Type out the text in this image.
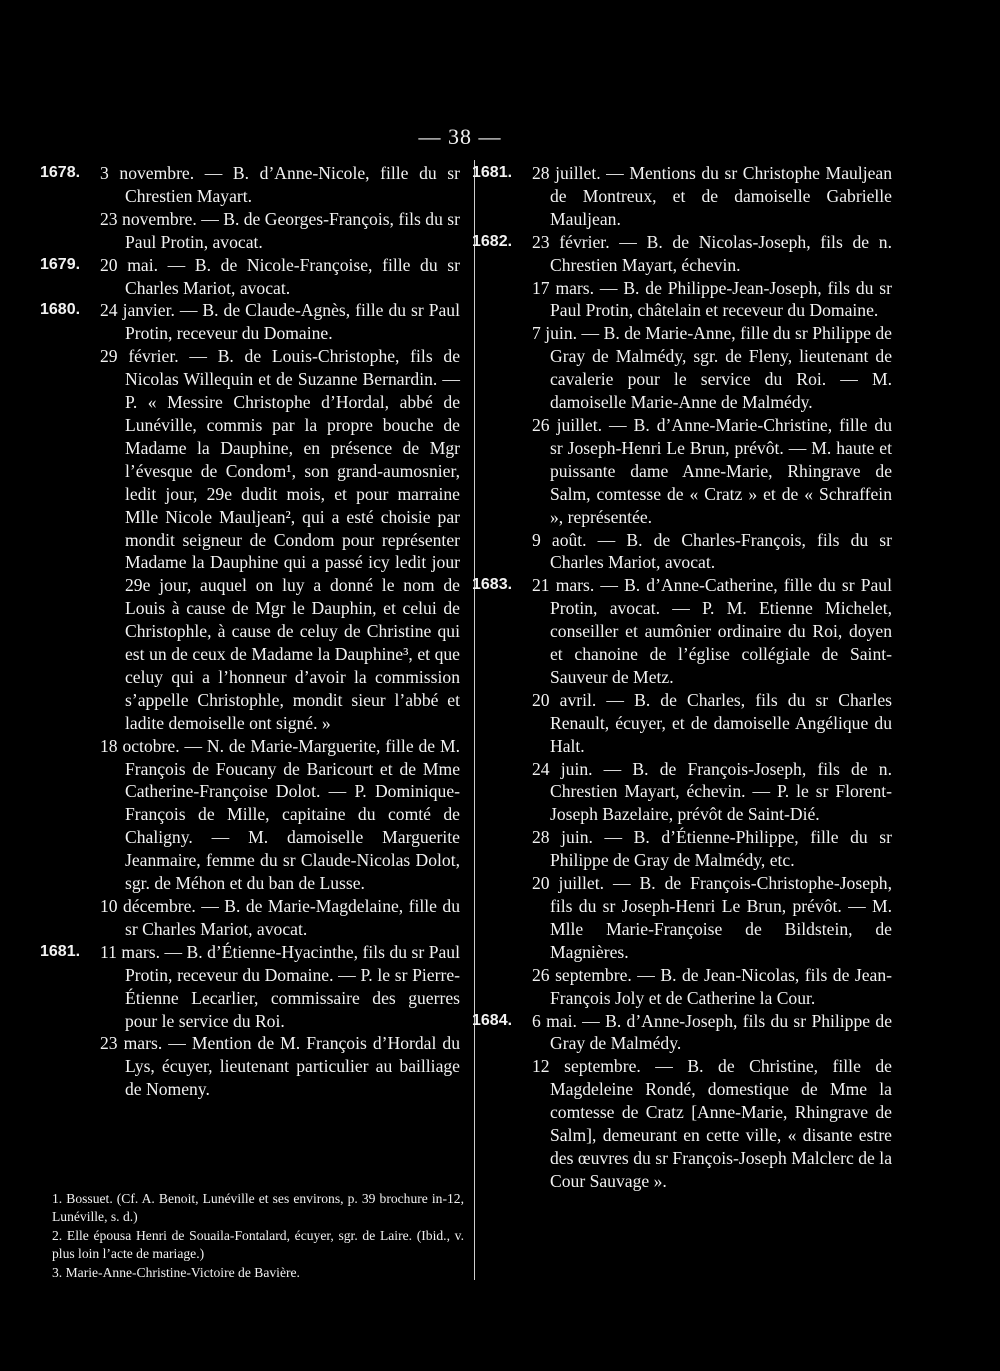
— 38 —
1678.	3 novembre. — B. d’Anne-Nicole, fille du sr Chrestien Mayart.
23 novembre. — B. de Georges-François, fils du sr Paul Protin, avocat.
1679.	20 mai. — B. de Nicole-Françoise, fille du sr Charles Mariot, avocat.
1680.	24 janvier. — B. de Claude-Agnès, fille du sr Paul Protin, receveur du Domaine.
29 février. — B. de Louis-Christophe, fils de Nicolas Willequin et de Suzanne Bernardin. — P. « Messire Christophe d’Hordal, abbé de Lunéville, commis par la propre bouche de Madame la Dauphine, en présence de Mgr l’évesque de Condom¹, son grand-aumosnier, ledit jour, 29e dudit mois, et pour marraine Mlle Nicole Mauljean², qui a esté choisie par mondit seigneur de Condom pour représenter Madame la Dauphine qui a passé icy ledit jour 29e jour, auquel on luy a donné le nom de Louis à cause de Mgr le Dauphin, et celui de Christophle, à cause de celuy de Christine qui est un de ceux de Madame la Dauphine³, et que celuy qui a l’honneur d’avoir la commission s’appelle Christophle, mondit sieur l’abbé et ladite demoiselle ont signé. »
18 octobre. — N. de Marie-Marguerite, fille de M. François de Foucany de Baricourt et de Mme Catherine-Françoise Dolot. — P. Dominique-François de Mille, capitaine du comté de Chaligny. — M. damoiselle Marguerite Jeanmaire, femme du sr Claude-Nicolas Dolot, sgr. de Méhon et du ban de Lusse.
10 décembre. — B. de Marie-Magdelaine, fille du sr Charles Mariot, avocat.
1681.	11 mars. — B. d’Étienne-Hyacinthe, fils du sr Paul Protin, receveur du Domaine. — P. le sr Pierre-Étienne Lecarlier, commissaire des guerres pour le service du Roi.
23 mars. — Mention de M. François d’Hordal du Lys, écuyer, lieutenant particulier au bailliage de Nomeny.
1681.	28 juillet. — Mentions du sr Christophe Mauljean de Montreux, et de damoiselle Gabrielle Mauljean.
1682.	23 février. — B. de Nicolas-Joseph, fils de n. Chrestien Mayart, échevin.
17 mars. — B. de Philippe-Jean-Joseph, fils du sr Paul Protin, châtelain et receveur du Domaine.
7 juin. — B. de Marie-Anne, fille du sr Philippe de Gray de Malmédy, sgr. de Fleny, lieutenant de cavalerie pour le service du Roi. — M. damoiselle Marie-Anne de Malmédy.
26 juillet. — B. d’Anne-Marie-Christine, fille du sr Joseph-Henri Le Brun, prévôt. — M. haute et puissante dame Anne-Marie, Rhingrave de Salm, comtesse de « Cratz » et de « Schraffein », représentée.
9 août. — B. de Charles-François, fils du sr Charles Mariot, avocat.
1683.	21 mars. — B. d’Anne-Catherine, fille du sr Paul Protin, avocat. — P. M. Etienne Michelet, conseiller et aumônier ordinaire du Roi, doyen et chanoine de l’église collégiale de Saint-Sauveur de Metz.
20 avril. — B. de Charles, fils du sr Charles Renault, écuyer, et de damoiselle Angélique du Halt.
24 juin. — B. de François-Joseph, fils de n. Chrestien Mayart, échevin. — P. le sr Florent-Joseph Bazelaire, prévôt de Saint-Dié.
28 juin. — B. d’Étienne-Philippe, fille du sr Philippe de Gray de Malmédy, etc.
20 juillet. — B. de François-Christophe-Joseph, fils du sr Joseph-Henri Le Brun, prévôt. — M. Mlle Marie-Françoise de Bildstein, de Magnières.
26 septembre. — B. de Jean-Nicolas, fils de Jean-François Joly et de Catherine la Cour.
1684.	6 mai. — B. d’Anne-Joseph, fils du sr Philippe de Gray de Malmédy.
12 septembre. — B. de Christine, fille de Magdeleine Rondé, domestique de Mme la comtesse de Cratz [Anne-Marie, Rhingrave de Salm], demeurant en cette ville, « disante estre des œuvres du sr François-Joseph Malclerc de la Cour Sauvage ».

1. Bossuet. (Cf. A. Benoit, Lunéville et ses environs, p. 39 brochure in-12, Lunéville, s. d.)

2. Elle épousa Henri de Souaila-Fontalard, écuyer, sgr. de Laire. (Ibid., v. plus loin l’acte de mariage.)

3. Marie-Anne-Christine-Victoire de Bavière.
